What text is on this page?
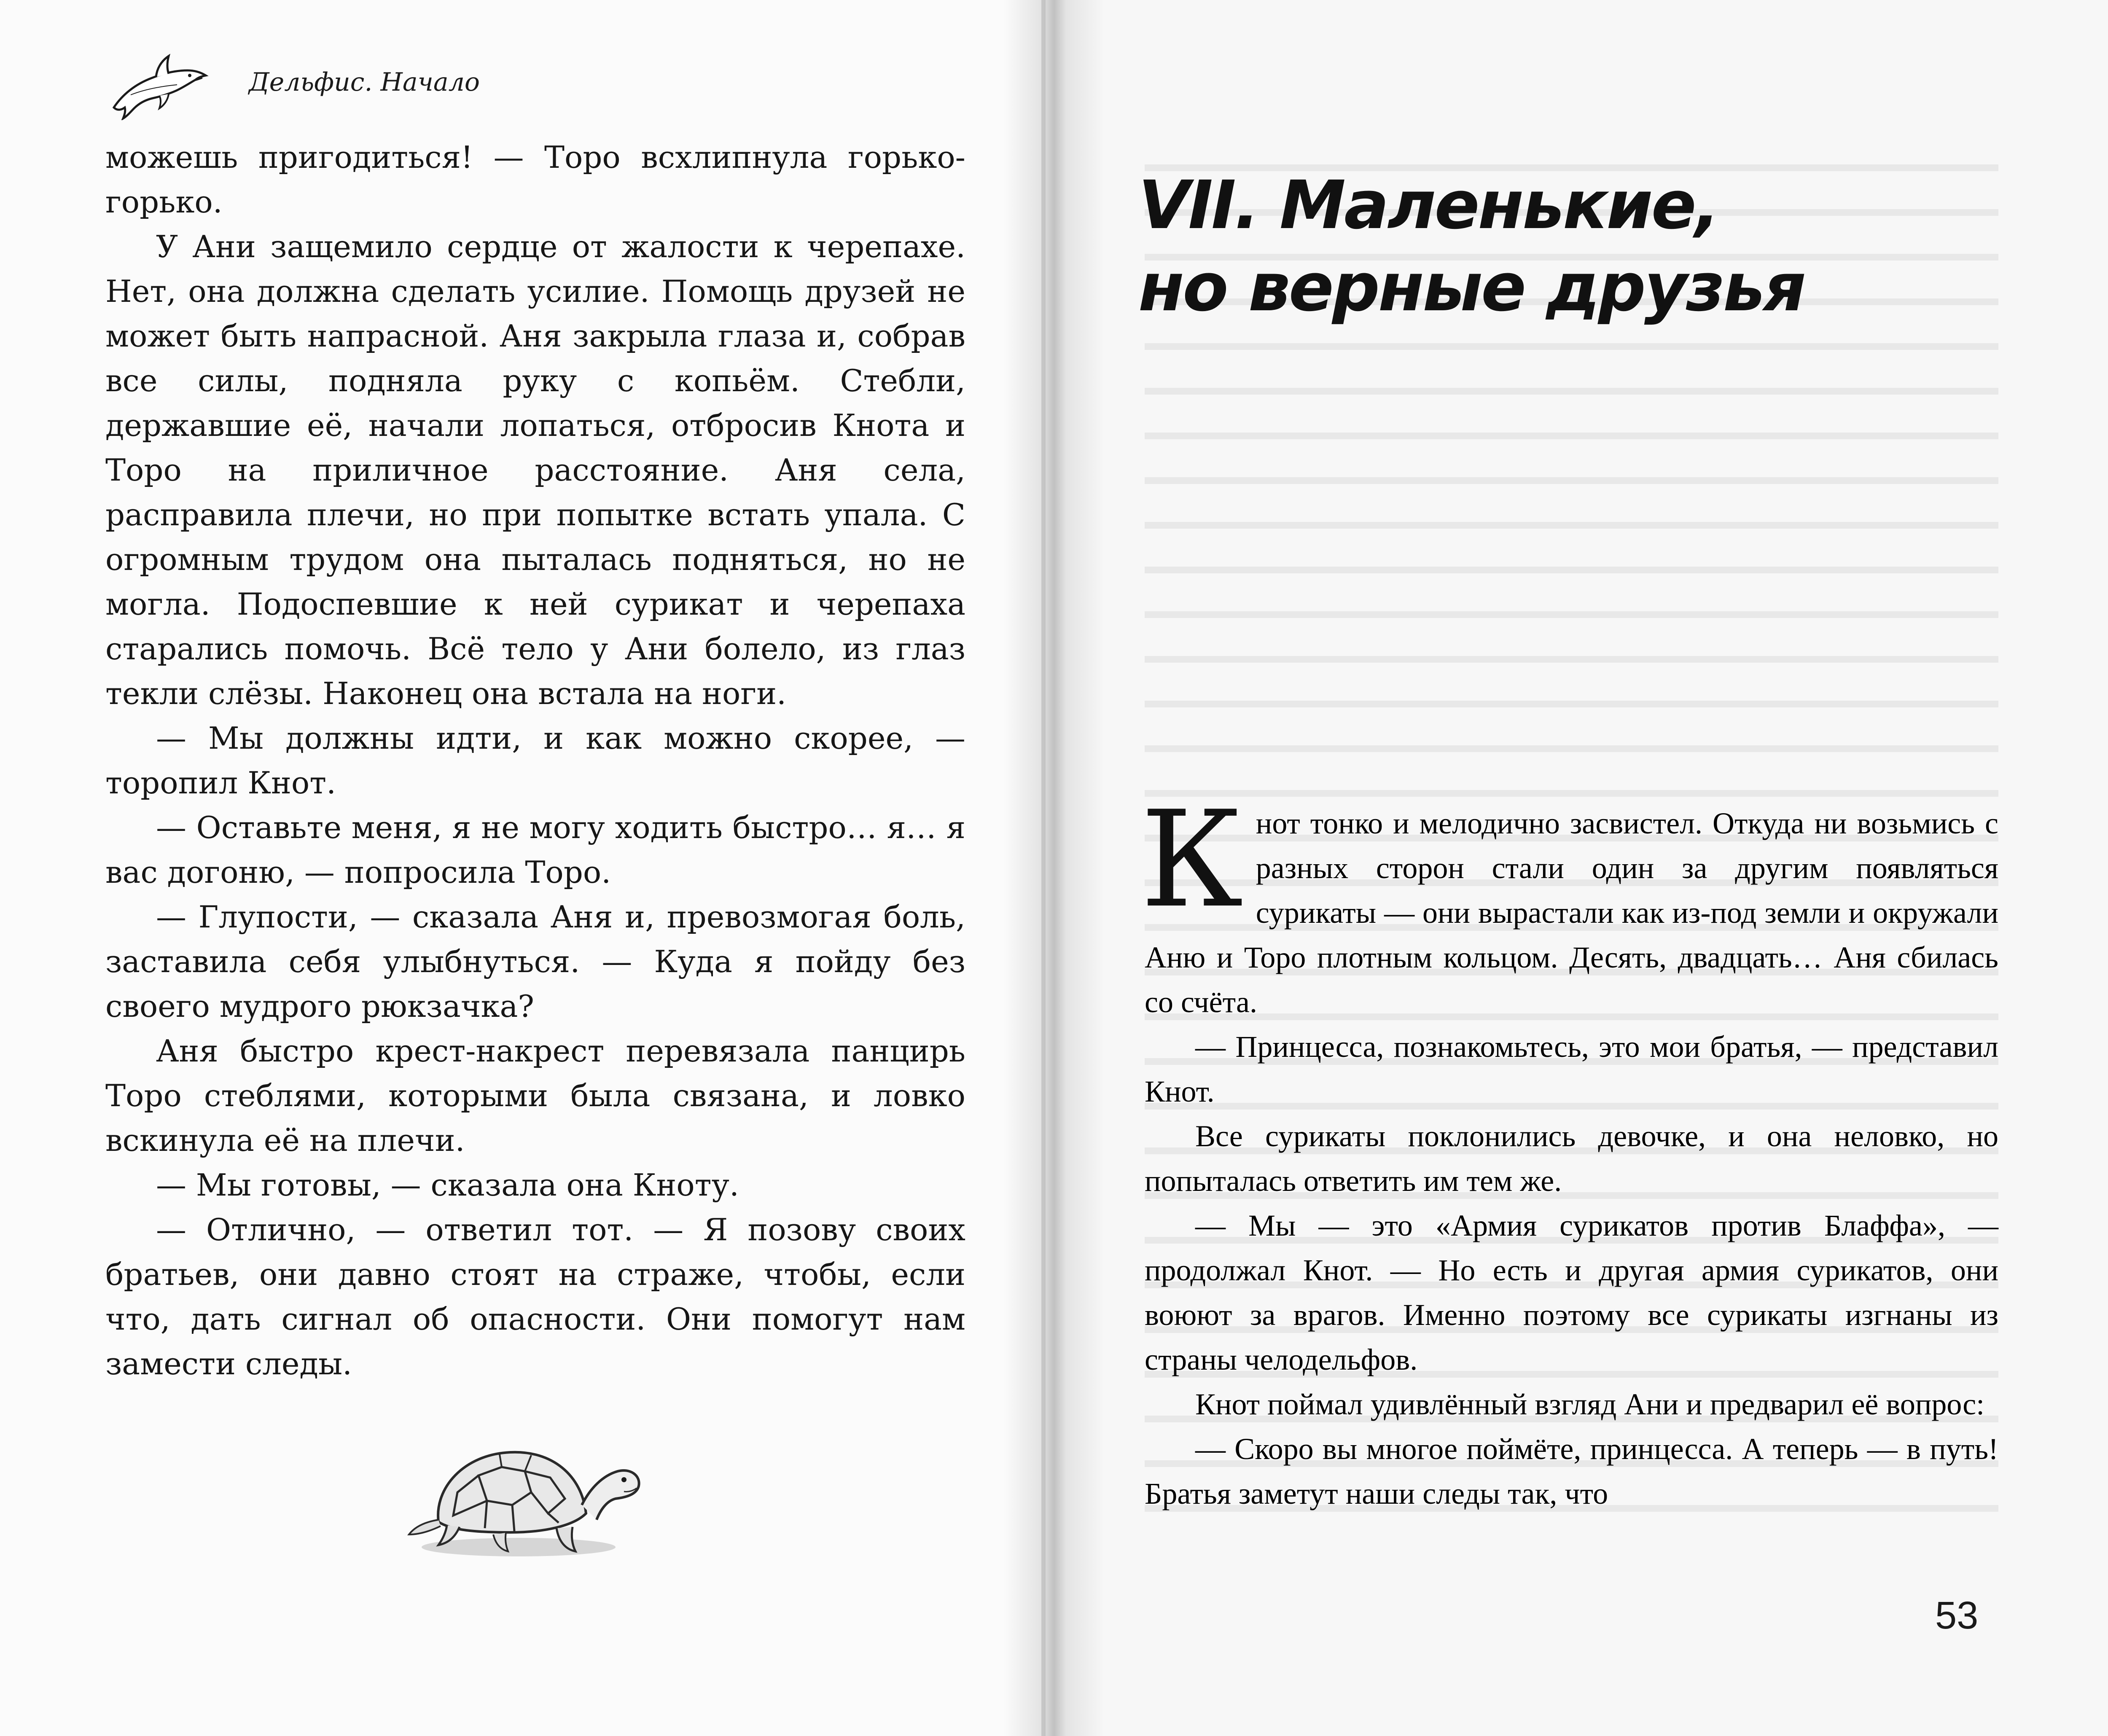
Дельфис. Начало

можешь пригодиться! — Торо всхлипнула горько-горько.

У Ани защемило сердце от жалости к черепахе. Нет, она должна сделать усилие. Помощь друзей не может быть напрасной. Аня закрыла глаза и, собрав все силы, подняла руку с копьём. Стебли, державшие её, начали лопаться, отбросив Кнота и Торо на приличное расстояние. Аня села, расправила плечи, но при попытке встать упала. С огромным трудом она пыталась подняться, но не могла. Подоспевшие к ней сурикат и черепаха старались помочь. Всё тело у Ани болело, из глаз текли слёзы. Наконец она встала на ноги.

— Мы должны идти, и как можно скорее, — торопил Кнот.

— Оставьте меня, я не могу ходить быстро… я… я вас догоню, — попросила Торо.

— Глупости, — сказала Аня и, превозмогая боль, заставила себя улыбнуться. — Куда я пойду без своего мудрого рюкзачка?

Аня быстро крест-накрест перевязала панцирь Торо стеблями, которыми была связана, и ловко вскинула её на плечи.

— Мы готовы, — сказала она Кноту.

— Отлично, — ответил тот. — Я позову своих братьев, они давно стоят на страже, чтобы, если что, дать сигнал об опасности. Они помогут нам замести следы.

VII. Маленькие,
но верные друзья

Кнот тонко и мелодично засвистел. Откуда ни возьмись с разных сторон стали один за другим появляться сурикаты — они вырастали как из-под земли и окружали Аню и Торо плотным кольцом. Десять, двадцать… Аня сбилась со счёта.

— Принцесса, познакомьтесь, это мои братья, — представил Кнот.

Все сурикаты поклонились девочке, и она неловко, но попыталась ответить им тем же.

— Мы — это «Армия сурикатов против Блаффа», — продолжал Кнот. — Но есть и другая армия сурикатов, они воюют за врагов. Именно поэтому все сурикаты изгнаны из страны челодельфов.

Кнот поймал удивлённый взгляд Ани и предварил её вопрос:

— Скоро вы многое поймёте, принцесса. А теперь — в путь! Братья заметут наши следы так, что

53
